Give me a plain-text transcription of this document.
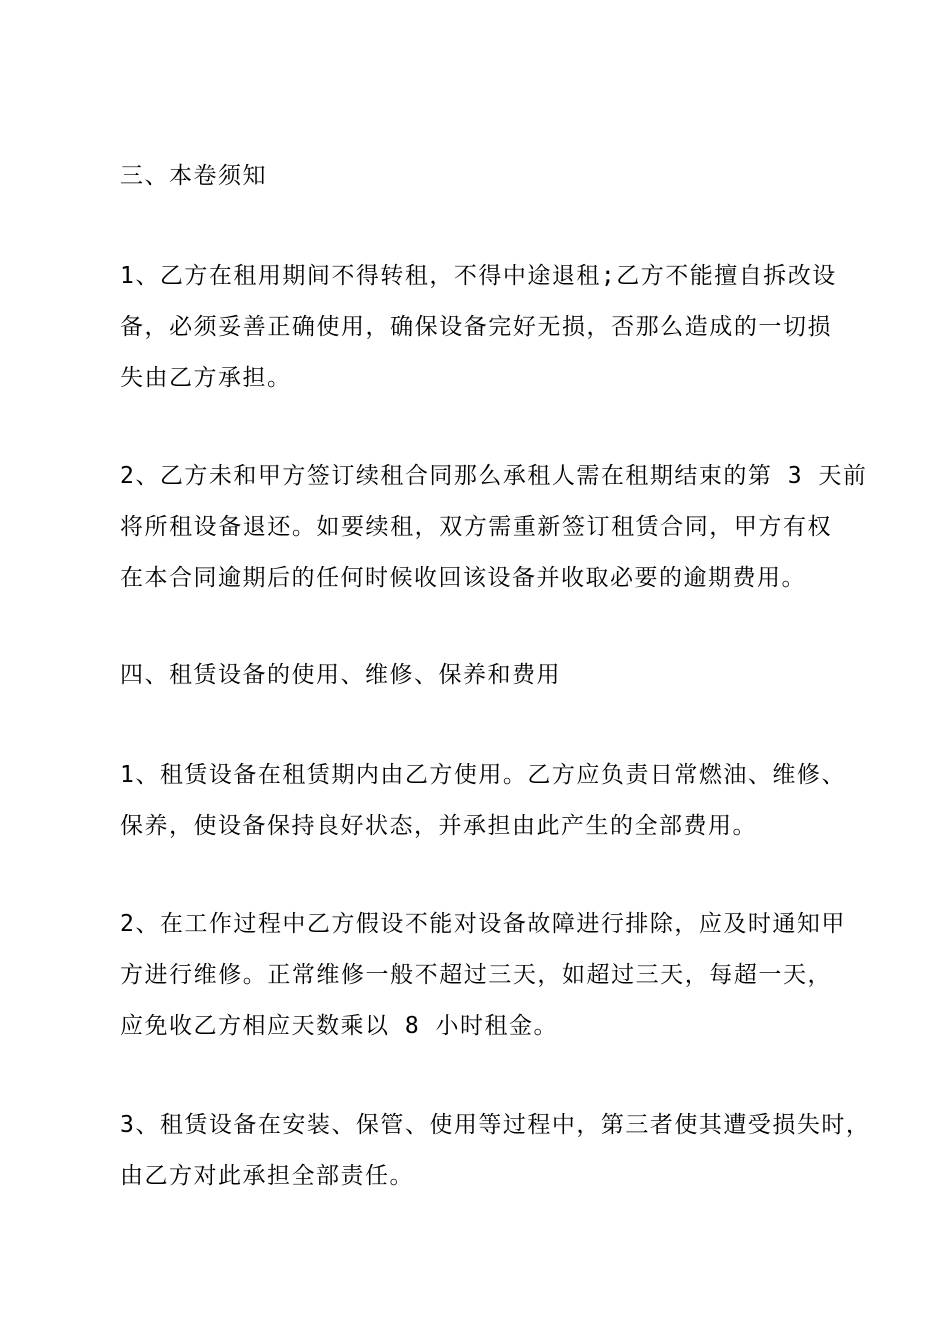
三、本卷须知
1、乙方在租用期间不得转租，不得中途退租;乙方不能擅自拆改设
备，必须妥善正确使用，确保设备完好无损，否那么造成的一切损
失由乙方承担。
2、乙方未和甲方签订续租合同那么承租人需在租期结束的第 3 天前
将所租设备退还。如要续租，双方需重新签订租赁合同，甲方有权
在本合同逾期后的任何时候收回该设备并收取必要的逾期费用。
四、租赁设备的使用、维修、保养和费用
1、租赁设备在租赁期内由乙方使用。乙方应负责日常燃油、维修、
保养，使设备保持良好状态，并承担由此产生的全部费用。
2、在工作过程中乙方假设不能对设备故障进行排除，应及时通知甲
方进行维修。正常维修一般不超过三天，如超过三天，每超一天，
应免收乙方相应天数乘以 8 小时租金。
3、租赁设备在安装、保管、使用等过程中，第三者使其遭受损失时，
由乙方对此承担全部责任。
